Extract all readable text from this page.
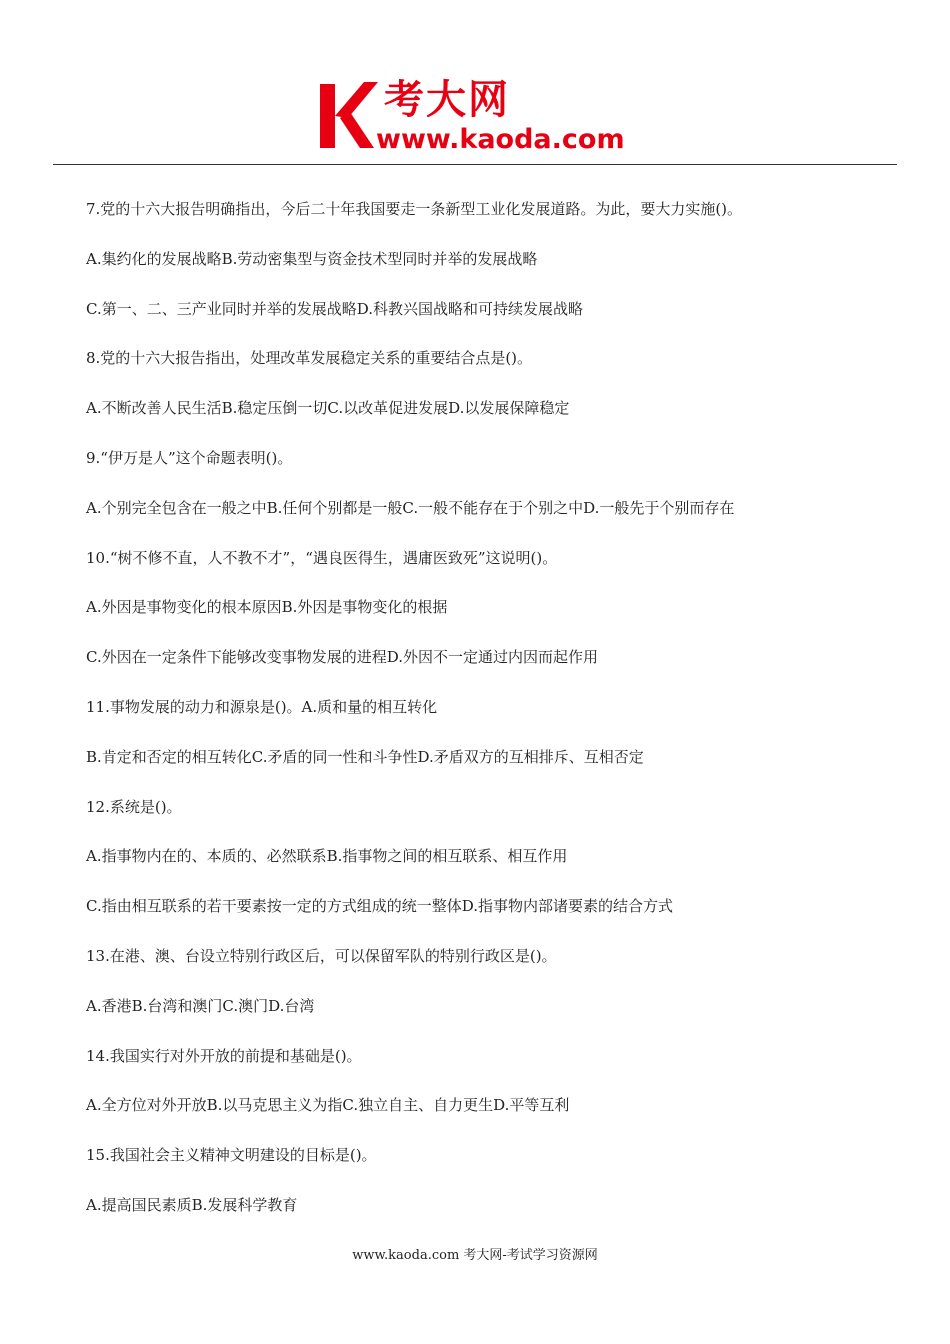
考大网
www.kaoda.com
7.党的十六大报告明确指出，今后二十年我国要走一条新型工业化发展道路。为此，要大力实施()。
A.集约化的发展战略B.劳动密集型与资金技术型同时并举的发展战略
C.第一、二、三产业同时并举的发展战略D.科教兴国战略和可持续发展战略
8.党的十六大报告指出，处理改革发展稳定关系的重要结合点是()。
A.不断改善人民生活B.稳定压倒一切C.以改革促进发展D.以发展保障稳定
9.“伊万是人”这个命题表明()。
A.个别完全包含在一般之中B.任何个别都是一般C.一般不能存在于个别之中D.一般先于个别而存在
10.“树不修不直，人不教不才”，“遇良医得生，遇庸医致死”这说明()。
A.外因是事物变化的根本原因B.外因是事物变化的根据
C.外因在一定条件下能够改变事物发展的进程D.外因不一定通过内因而起作用
11.事物发展的动力和源泉是()。A.质和量的相互转化
B.肯定和否定的相互转化C.矛盾的同一性和斗争性D.矛盾双方的互相排斥、互相否定
12.系统是()。
A.指事物内在的、本质的、必然联系B.指事物之间的相互联系、相互作用
C.指由相互联系的若干要素按一定的方式组成的统一整体D.指事物内部诸要素的结合方式
13.在港、澳、台设立特别行政区后，可以保留军队的特别行政区是()。
A.香港B.台湾和澳门C.澳门D.台湾
14.我国实行对外开放的前提和基础是()。
A.全方位对外开放B.以马克思主义为指C.独立自主、自力更生D.平等互利
15.我国社会主义精神文明建设的目标是()。
A.提高国民素质B.发展科学教育
www.kaoda.com 考大网-考试学习资源网
